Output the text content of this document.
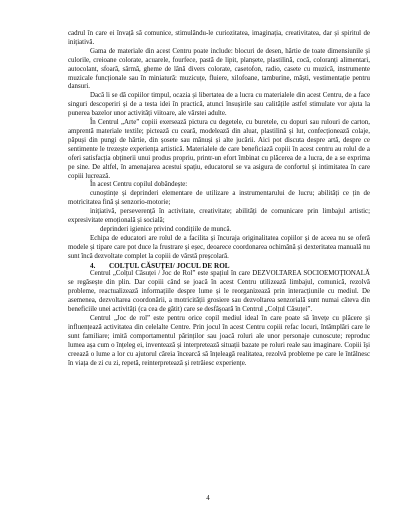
cadrul în care ei învață să comunice, stimulându-le curiozitatea, imaginația, creativitatea, dar și spiritul de inițiativă.

Gama de materiale din acest Centru poate include: blocuri de desen, hârtie de toate dimensiunile și culorile, creioane colorate, acuarele, fourfece, pastă de lipit, planșete, plastilină, cocă, coloranți alimentari, autocolant, sfoară, sârmă, gheme de lână divers colorate, casetofon, radio, casete cu muzică, instrumente muzicale funcționale sau în miniatură: muzicuțe, fluiere, xilofoane, tamburine, măști, vestimentație pentru dansuri.

Dacă li se dă copiilor timpul, ocazia și libertatea de a lucra cu materialele din acest Centru, de a face singuri descoperiri și de a testa idei în practică, atunci însușirile sau calitățile astfel stimulate vor ajuta la punerea bazelor unor activități viitoare, ale vârstei adulte.

În Centrul „Arte” copiii exersează pictura cu degetele, cu buretele, cu dopuri sau rulouri de carton, amprentă materiale textile; pictează cu ceară, modelează din aluat, plastilină și lut, confecționează colaje, păpuși din pungi de hârtie, din șosete sau mănuși și alte jucării. Aici pot discuta despre artă, despre ce sentimente le trezește experiența artistică. Materialele de care beneficiază copiii în acest centru au rolul de a oferi satisfacția obținerii unui produs propriu, printr-un efort îmbinat cu plăcerea de a lucra, de a se exprima pe sine. De altfel, în amenajarea acestui spațiu, educatorul se va asigura de confortul și intimitatea în care copiii lucrează.

În acest Centru copilul dobândește:

cunoștințe și deprinderi elementare de utilizare a instrumentarului de lucru; abilități ce țin de motricitatea fină și senzorio-motorie;

inițiativă, perseverență în activitate, creativitate; abilități de comunicare prin limbajul artistic; expresivitate emoțională și socială;

deprinderi igienice privind condițiile de muncă.

Echipa de educatori are rolul de a facilita și încuraja originalitatea copiilor și de aceea nu se oferă modele și tipare care pot duce la frustrare și eșec, deoarece coordonarea ochimână și dexteritatea manuală nu sunt încă dezvoltate complet la copiii de vârstă preșcolară.

4. COLȚUL CĂSUȚEI/ JOCUL DE ROL

Centrul „Colțul Căsuței / Joc de Rol” este spațiul în care DEZVOLTAREA SOCIOEMOȚIONALĂ se regăsește din plin. Dar copiii când se joacă în acest Centru utilizează limbajul, comunică, rezolvă probleme, reactualizează informațiile despre lume și le reorganizează prin interacțiunile cu mediul. De asemenea, dezvoltarea coordonării, a motricității grosiere sau dezvoltarea senzorială sunt numai câteva din beneficiile unei activități (ca cea de gătit) care se desfășoară în Centrul „Colțul Căsuței”.

Centrul „Joc de rol” este pentru orice copil mediul ideal în care poate să învețe cu plăcere și influențează activitatea din celelalte Centre. Prin jocul în acest Centru copiii refac locuri, întâmplări care le sunt familiare; imită comportamentul părinților sau joacă roluri ale unor personaje cunoscute; reproduc lumea așa cum o înțeleg ei, inventează și interpretează situații bazate pe roluri reale sau imaginare. Copiii își creează o lume a lor cu ajutorul căreia încearcă să înțeleagă realitatea, rezolvă probleme pe care le întâlnesc în viața de zi cu zi, repetă, reinterpretează și retrăiesc experiențe.

4
